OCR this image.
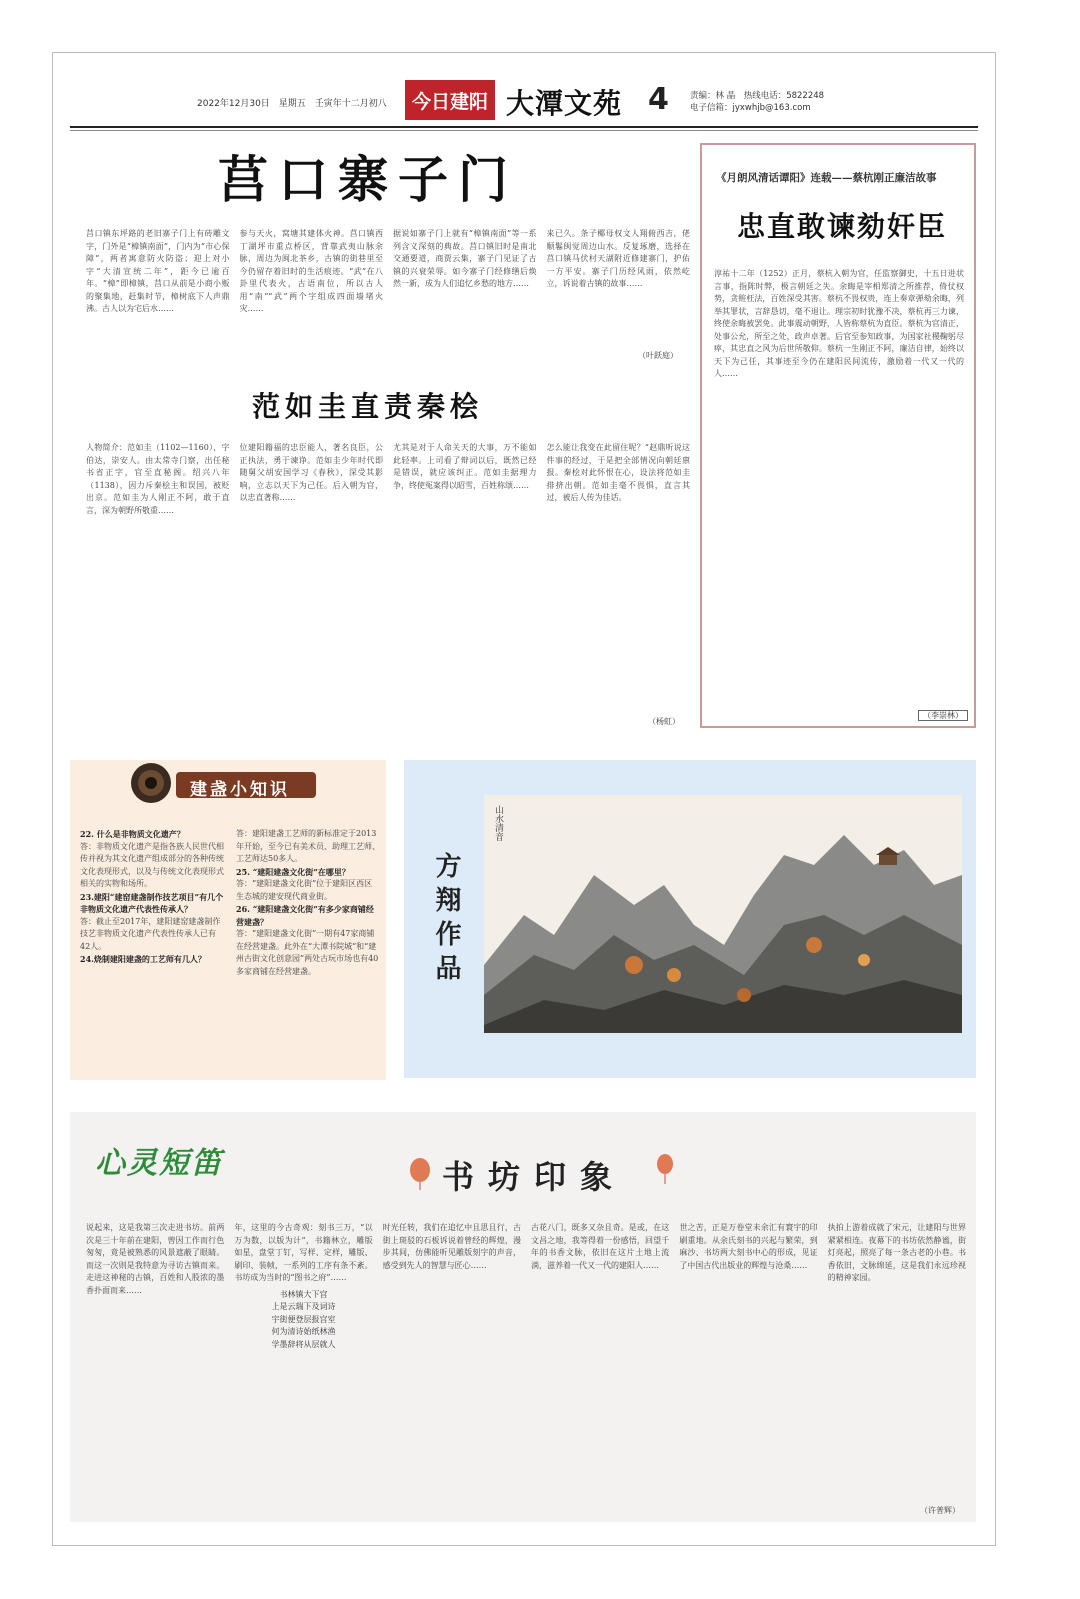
2022年12月30日　星期五　壬寅年十二月初八	今日建阳 大潭文苑 4 责编：林 晶　热线电话：5822248
电子信箱：jyxwhjb@163.com
莒口寨子门
莒口镇东坪路的老旧寨子门上有砖雕文字，门外是“樟镇南面”，门内为“市心保障”，两者寓意防火防盗；迎上对小字“大清宣统二年”，距今已逾百年。“樟”即樟镇，莒口从前是小商小贩的聚集地，赶集时节，樟树底下人声鼎沸。古人以为宅后水……
参与天火，窝塘其建体火神。莒口镇西丁湖坪市重点桥区，背靠武夷山脉余脉，周边为闽北茶乡，古镇的街巷里至今仍留存着旧时的生活痕迹。“武”在八卦里代表火，古语南位，所以古人用“南”“武”两个字组成四面墙堵火灾……
据说如寨子门上就有“樟镇南面”等一系列含义深刻的典故。莒口镇旧时是南北交通要道，商贾云集，寨子门见证了古镇的兴衰荣辱。如今寨子门经修缮后焕然一新，成为人们追忆乡愁的地方……
来已久。条子椰母权文人翔俯西吉，佬顺鬈闽觉周边山水。反复琢磨，选择在莒口镇马伏村天湖附近修建寨门，护佑一方平安。寨子门历经风雨，依然屹立，诉说着古镇的故事……
（叶跃庭）
范如圭直责秦桧
人物简介：范如圭（1102—1160），字伯达，崇安人。由太常寺门察，出任秘书省正字，官至直秘阁。绍兴八年（1138），因力斥秦桧主和误国，被贬出京。范如圭为人刚正不阿，敢于直言，深为朝野所敬重……
位建阳籍福的忠臣能人，著名良臣，公正执法，勇于谏诤。范如圭少年时代即随舅父胡安国学习《春秋》，深受其影响，立志以天下为己任。后入朝为官，以忠直著称……
尤其是对于人命关天的大事，万不能如此轻率。上司看了辩词以后，既然已经是错误，就应该纠正。范如圭据理力争，终使冤案得以昭雪，百姓称颂……
怎么能让我变在此留住呢？”赵鼎听说这件事的经过，于是把全部情况向朝廷禀报。秦桧对此怀恨在心，设法将范如圭排挤出朝。范如圭毫不畏惧，直言其过，被后人传为佳话。
（杨虹）
《月朗风清话谭阳》连载——蔡杭刚正廉洁故事
忠直敢谏劾奸臣
淳祐十二年（1252）正月，蔡杭入朝为官，任监察御史，十五日进状言事，指陈时弊，极言朝廷之失。余晦是宰相郑清之所推荐，倚仗权势，贪赃枉法，百姓深受其害。蔡杭不畏权贵，连上奏章弹劾余晦，列举其罪状，言辞恳切，毫不退让。理宗初时犹豫不决，蔡杭再三力谏，终使余晦被罢免。此事震动朝野，人皆称蔡杭为直臣。蔡杭为官清正，处事公允，所至之处，政声卓著。后官至参知政事，为国家社稷鞠躬尽瘁，其忠直之风为后世所敬仰。蔡杭一生刚正不阿，廉洁自律，始终以天下为己任，其事迹至今仍在建阳民间流传，激励着一代又一代的人……
（李崇林）
建盏小知识
22. 什么是非物质文化遗产？
答：非物质文化遗产是指各族人民世代相传并视为其文化遗产组成部分的各种传统文化表现形式，以及与传统文化表现形式相关的实物和场所。
23.建阳“建窑建盏制作技艺项目”有几个非物质文化遗产代表性传承人？
答：截止至2017年，建阳建窑建盏制作技艺非物质文化遗产代表性传承人已有42人。
24.烧制建阳建盏的工艺师有几人？
答：建阳建盏工艺师的新标准定于2013年开始，至今已有美术员、助理工艺师、工艺师达50多人。
25. “建阳建盏文化街”在哪里？
答：“建阳建盏文化街”位于建阳区西区生态城的建安现代商业街。
26. “建阳建盏文化街”有多少家商铺经营建盏？
答：“建阳建盏文化街”一期有47家商铺在经营建盏。此外在“大潭书院城”和“建州古街文化创意园”两处古玩市场也有40多家商铺在经营建盏。	方翔作品
山水清音
心灵短笛	书坊印象
说起来，这是我第三次走进书坊。前两次是三十年前在建阳，曾因工作而行色匆匆，竟是被熟悉的风景遮蔽了眼睛。而这一次则是我特意为寻访古镇而来。走进这神秘的古镇，百姓和人股浓的墨香扑面而来……
年，这里的今古奇观：刻书三万，“以万为数，以版为计”，书籍林立，雕版如星，盘堂丁钉，写样、定样，雕版、刷印、装帧，一系列的工序有条不紊。书坊成为当时的“图书之府”……
书林镇大下宫
上是云瑞下及词诗
宇街便登层报宫室
何为清诗始纸林渔
学墨辞将从层就人
时光任转，我们在追忆中且思且行，古街上斑驳的石板诉说着曾经的辉煌，漫步其间，仿佛能听见雕版刻字的声音，感受到先人的智慧与匠心……
古花八门，既多又杂且奇。是或，在这文昌之地，我等得着一份感悟，回望千年的书香文脉，依旧在这片土地上流淌，滋养着一代又一代的建阳人……
世之苦，正是万卷堂未余汇有寰宇的印刷重地。从余氏刻书的兴起与繁荣，到麻沙、书坊两大刻书中心的形成，见证了中国古代出版业的辉煌与沧桑……
执拍上游着成就了宋元，让建阳与世界紧紧相连。夜幕下的书坊依然静谧，街灯亮起，照亮了每一条古老的小巷。书香依旧，文脉绵延，这是我们永远珍视的精神家园。
（许普辉）
